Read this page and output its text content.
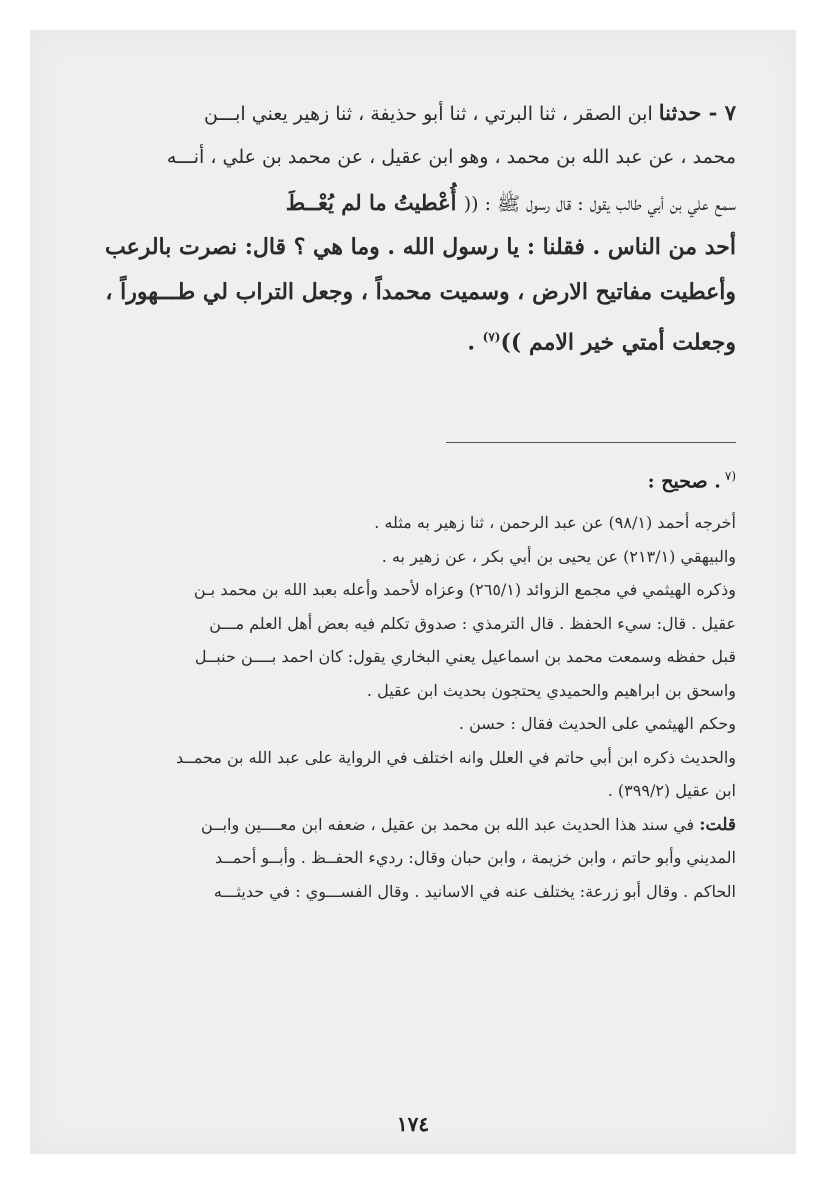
٧ - حدثنا ابن الصقر ، ثنا البرتي ، ثنا أبو حذيفة ، ثنا زهير يعني ابـــن
محمد ، عن عبد الله بن محمد ، وهو ابن عقيل ، عن محمد بن علي ، أنـــه
سمع علي بن أبي طالب يقول : قال رسول ﷺ : (( أُعْطيتُ ما لم يُعْــطَ
أحد من الناس . فقلنا : يا رسول الله . وما هي ؟ قال: نصرت بالرعب
وأعطيت مفاتيح الارض ، وسميت محمداً ، وجعل التراب لي طـــهوراً ،
وجعلت أمتي خير الامم ))$^{(٧)}$ .
$^{(٧}$. صحيح :
أخرجه أحمد (٩٨/١) عن عبد الرحمن ، ثنا زهير به مثله .
والبيهقي (٢١٣/١) عن يحيى بن أبي بكر ، عن زهير به .
وذكره الهيثمي في مجمع الزوائد (٢٦٥/١) وعزاه لأحمد وأعله بعبد الله بن محمد بـن
عقيل . قال: سيء الحفظ . قال الترمذي : صدوق تكلم فيه بعض أهل العلم مـــن
قبل حفظه وسمعت محمد بن اسماعيل يعني البخاري يقول: كان احمد بــــن حنبــل
واسحق بن ابراهيم والحميدي يحتجون بحديث ابن عقيل .
وحكم الهيثمي على الحديث فقال : حسن .
والحديث ذكره ابن أبي حاتم في العلل وانه اختلف في الرواية على عبد الله بن محمــد
ابن عقيل (٣٩٩/٢) .
قلت: في سند هذا الحديث عبد الله بن محمد بن عقيل ، ضعفه ابن معــــين وابــن
المديني وأبو حاتم ، وابن خزيمة ، وابن حبان وقال: رديء الحفــظ . وأبــو أحمــد
الحاكم . وقال أبو زرعة: يختلف عنه في الاسانيد . وقال الفســـوي : في حديثـــه
١٧٤
